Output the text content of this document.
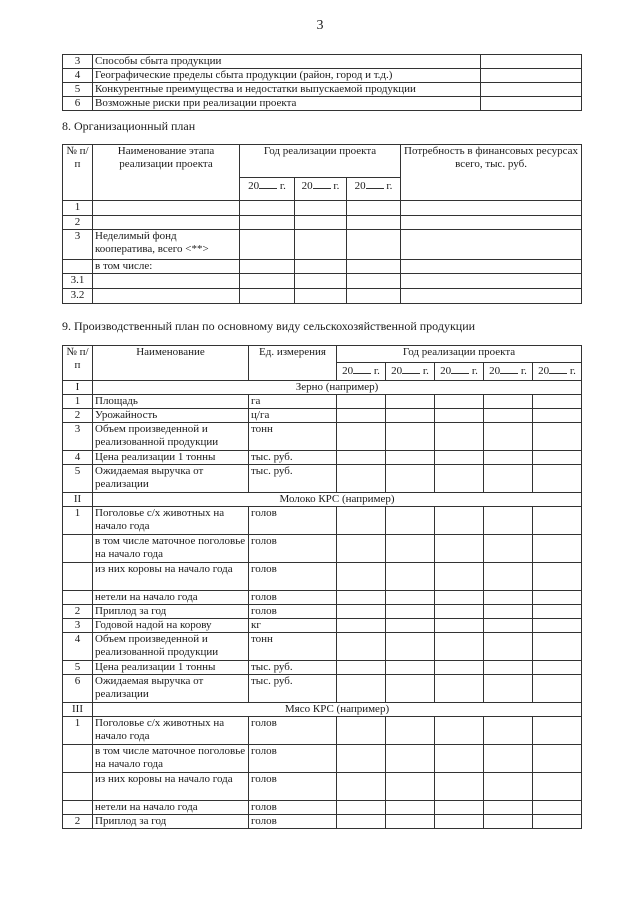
3
3	Способы сбыта продукции	
4	Географические пределы сбыта продукции (район, город и т.д.)	
5	Конкурентные преимущества и недостатки выпускаемой продукции	
6	Возможные риски при реализации проекта	
8. Организационный план
№ п/п	Наименование этапа реализации проекта	Год реализации проекта			Потребность в финансовых ресурсах всего, тыс. руб.
		20 г.	20 г.	20 г.	
1					
2					
3	Неделимый фонд кооператива, всего <**>				
	в том числе:				
3.1					
3.2					
9. Производственный план по основному виду сельскохозяйственной продукции
№ п/п	Наименование	Ед. измерения	Год реализации проекта				
			20 г.	20 г.	20 г.	20 г.	20 г.
I	Зерно (например)						
1	Площадь	га					
2	Урожайность	ц/га					
3	Объем произведенной и реализованной продукции	тонн					
4	Цена реализации 1 тонны	тыс. руб.					
5	Ожидаемая выручка от реализации	тыс. руб.					
II	Молоко КРС (например)						
1	Поголовье с/х животных на начало года	голов					
	в том числе маточное поголовье на начало года	голов					
	из них коровы на начало года	голов					
	нетели на начало года	голов					
2	Приплод за год	голов					
3	Годовой надой на корову	кг					
4	Объем произведенной и реализованной продукции	тонн					
5	Цена реализации 1 тонны	тыс. руб.					
6	Ожидаемая выручка от реализации	тыс. руб.					
III	Мясо КРС (например)						
1	Поголовье с/х животных на начало года	голов					
	в том числе маточное поголовье на начало года	голов					
	из них коровы на начало года	голов					
	нетели на начало года	голов					
2	Приплод за год	голов					
